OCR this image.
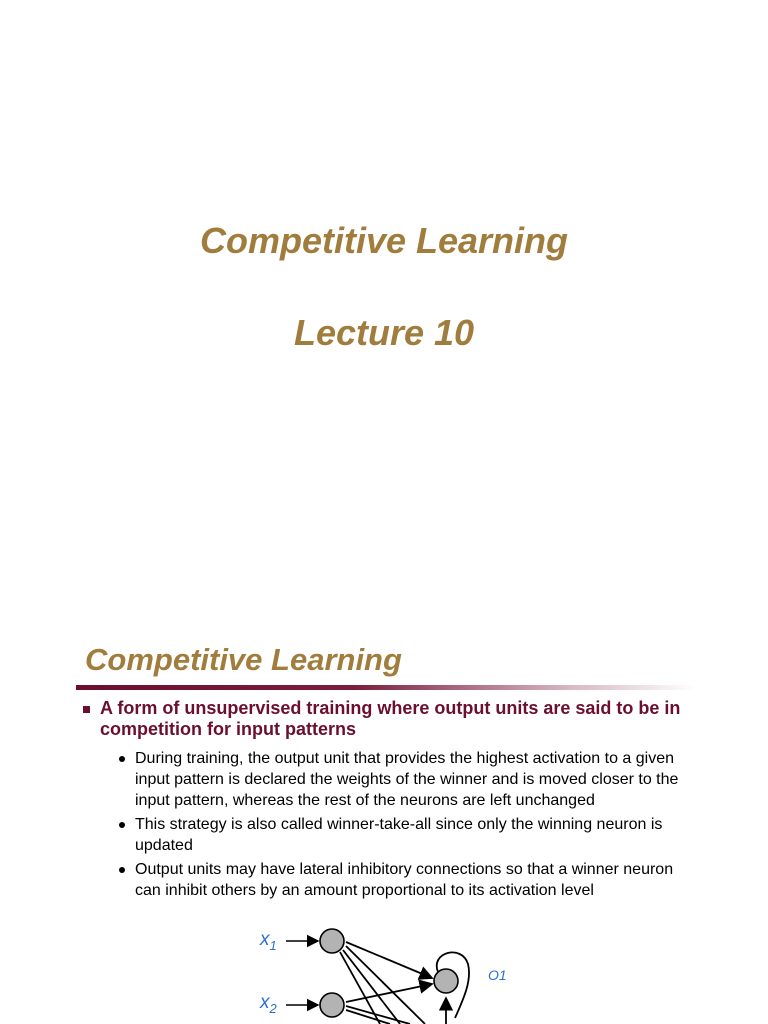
Competitive Learning
Lecture 10
Competitive Learning
A form of unsupervised training where output units are said to be in competition for input patterns
During training, the output unit that provides the highest activation to a given input pattern is declared the weights of the winner and is moved closer to the input pattern, whereas the rest of the neurons are left unchanged
This strategy is also called winner-take-all since only the winning neuron is updated
Output units may have lateral inhibitory connections so that a winner neuron can inhibit others by an amount proportional to its activation level
$x_1$
$x_2$
O1
